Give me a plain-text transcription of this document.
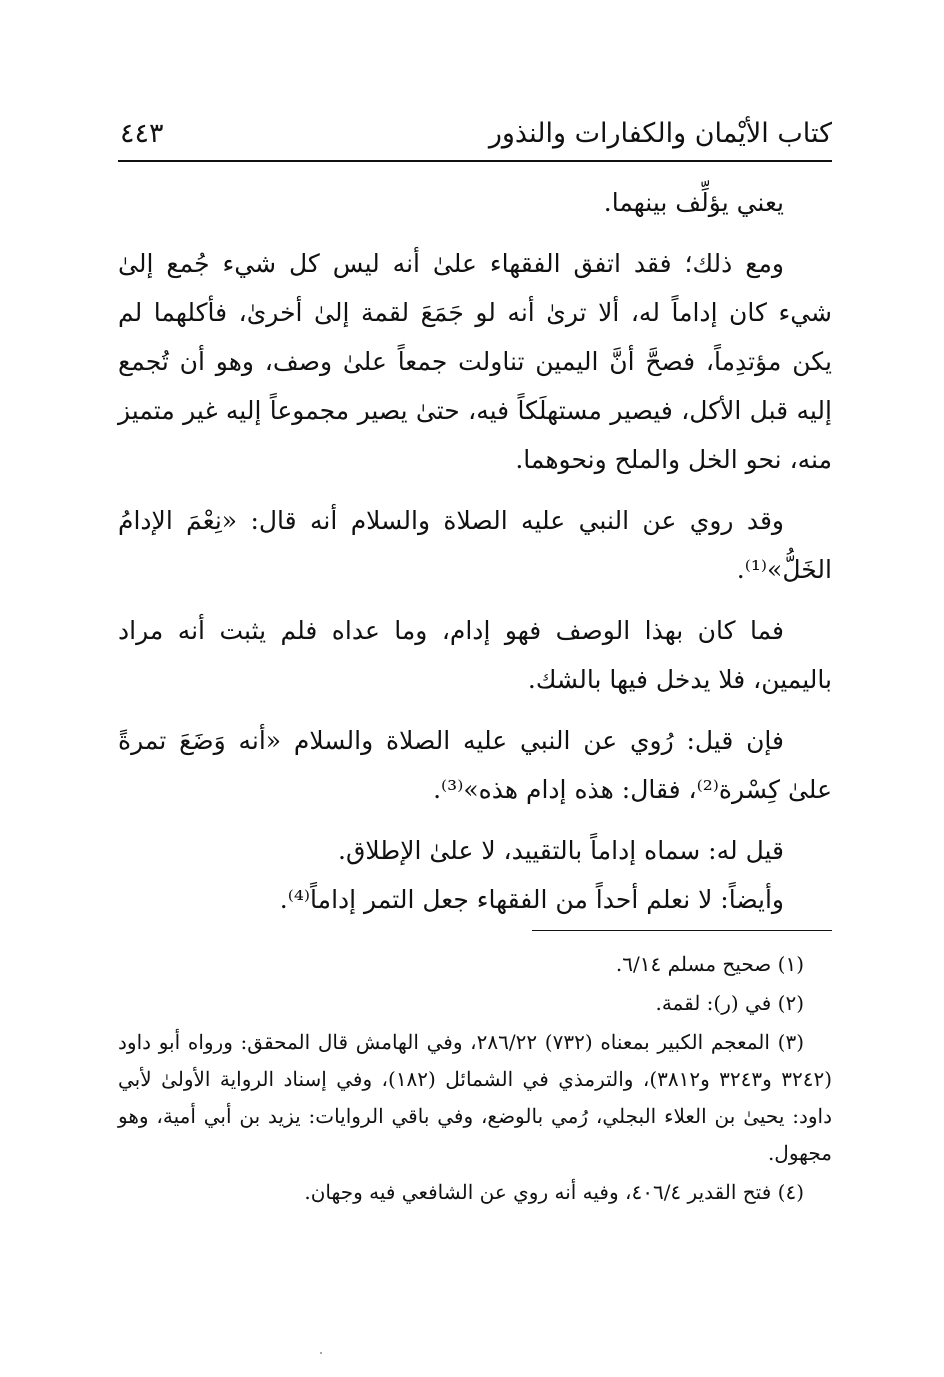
كتاب الأيْمان والكفارات والنذور
٤٤٣

يعني يؤلِّف بينهما.

ومع ذلك؛ فقد اتفق الفقهاء علىٰ أنه ليس كل شيء جُمع إلىٰ شيء كان إداماً له، ألا ترىٰ أنه لو جَمَعَ لقمة إلىٰ أخرىٰ، فأكلهما لم يكن مؤتدِماً، فصحَّ أنَّ اليمين تناولت جمعاً علىٰ وصف، وهو أن تُجمع إليه قبل الأكل، فيصير مستهلَكاً فيه، حتىٰ يصير مجموعاً إليه غير متميز منه، نحو الخل والملح ونحوهما.

وقد روي عن النبي عليه الصلاة والسلام أنه قال: «نِعْمَ الإدامُ الخَلُّ»⁽¹⁾.

فما كان بهذا الوصف فهو إدام، وما عداه فلم يثبت أنه مراد باليمين، فلا يدخل فيها بالشك.

فإن قيل: رُوي عن النبي عليه الصلاة والسلام «أنه وَضَعَ تمرةً علىٰ كِسْرة⁽²⁾، فقال: هذه إدام هذه»⁽³⁾.

قيل له: سماه إداماً بالتقييد، لا علىٰ الإطلاق.

وأيضاً: لا نعلم أحداً من الفقهاء جعل التمر إداماً⁽⁴⁾.

(١) صحيح مسلم ٦/١٤.

(٢) في (ر): لقمة.

(٣) المعجم الكبير بمعناه (٧٣٢) ٢٨٦/٢٢، وفي الهامش قال المحقق: ورواه أبو داود (٣٢٤٢ و٣٢٤٣ و٣٨١٢)، والترمذي في الشمائل (١٨٢)، وفي إسناد الرواية الأولىٰ لأبي داود: يحيىٰ بن العلاء البجلي، رُمي بالوضع، وفي باقي الروايات: يزيد بن أبي أمية، وهو مجهول.

(٤) فتح القدير ٤٠٦/٤، وفيه أنه روي عن الشافعي فيه وجهان.
